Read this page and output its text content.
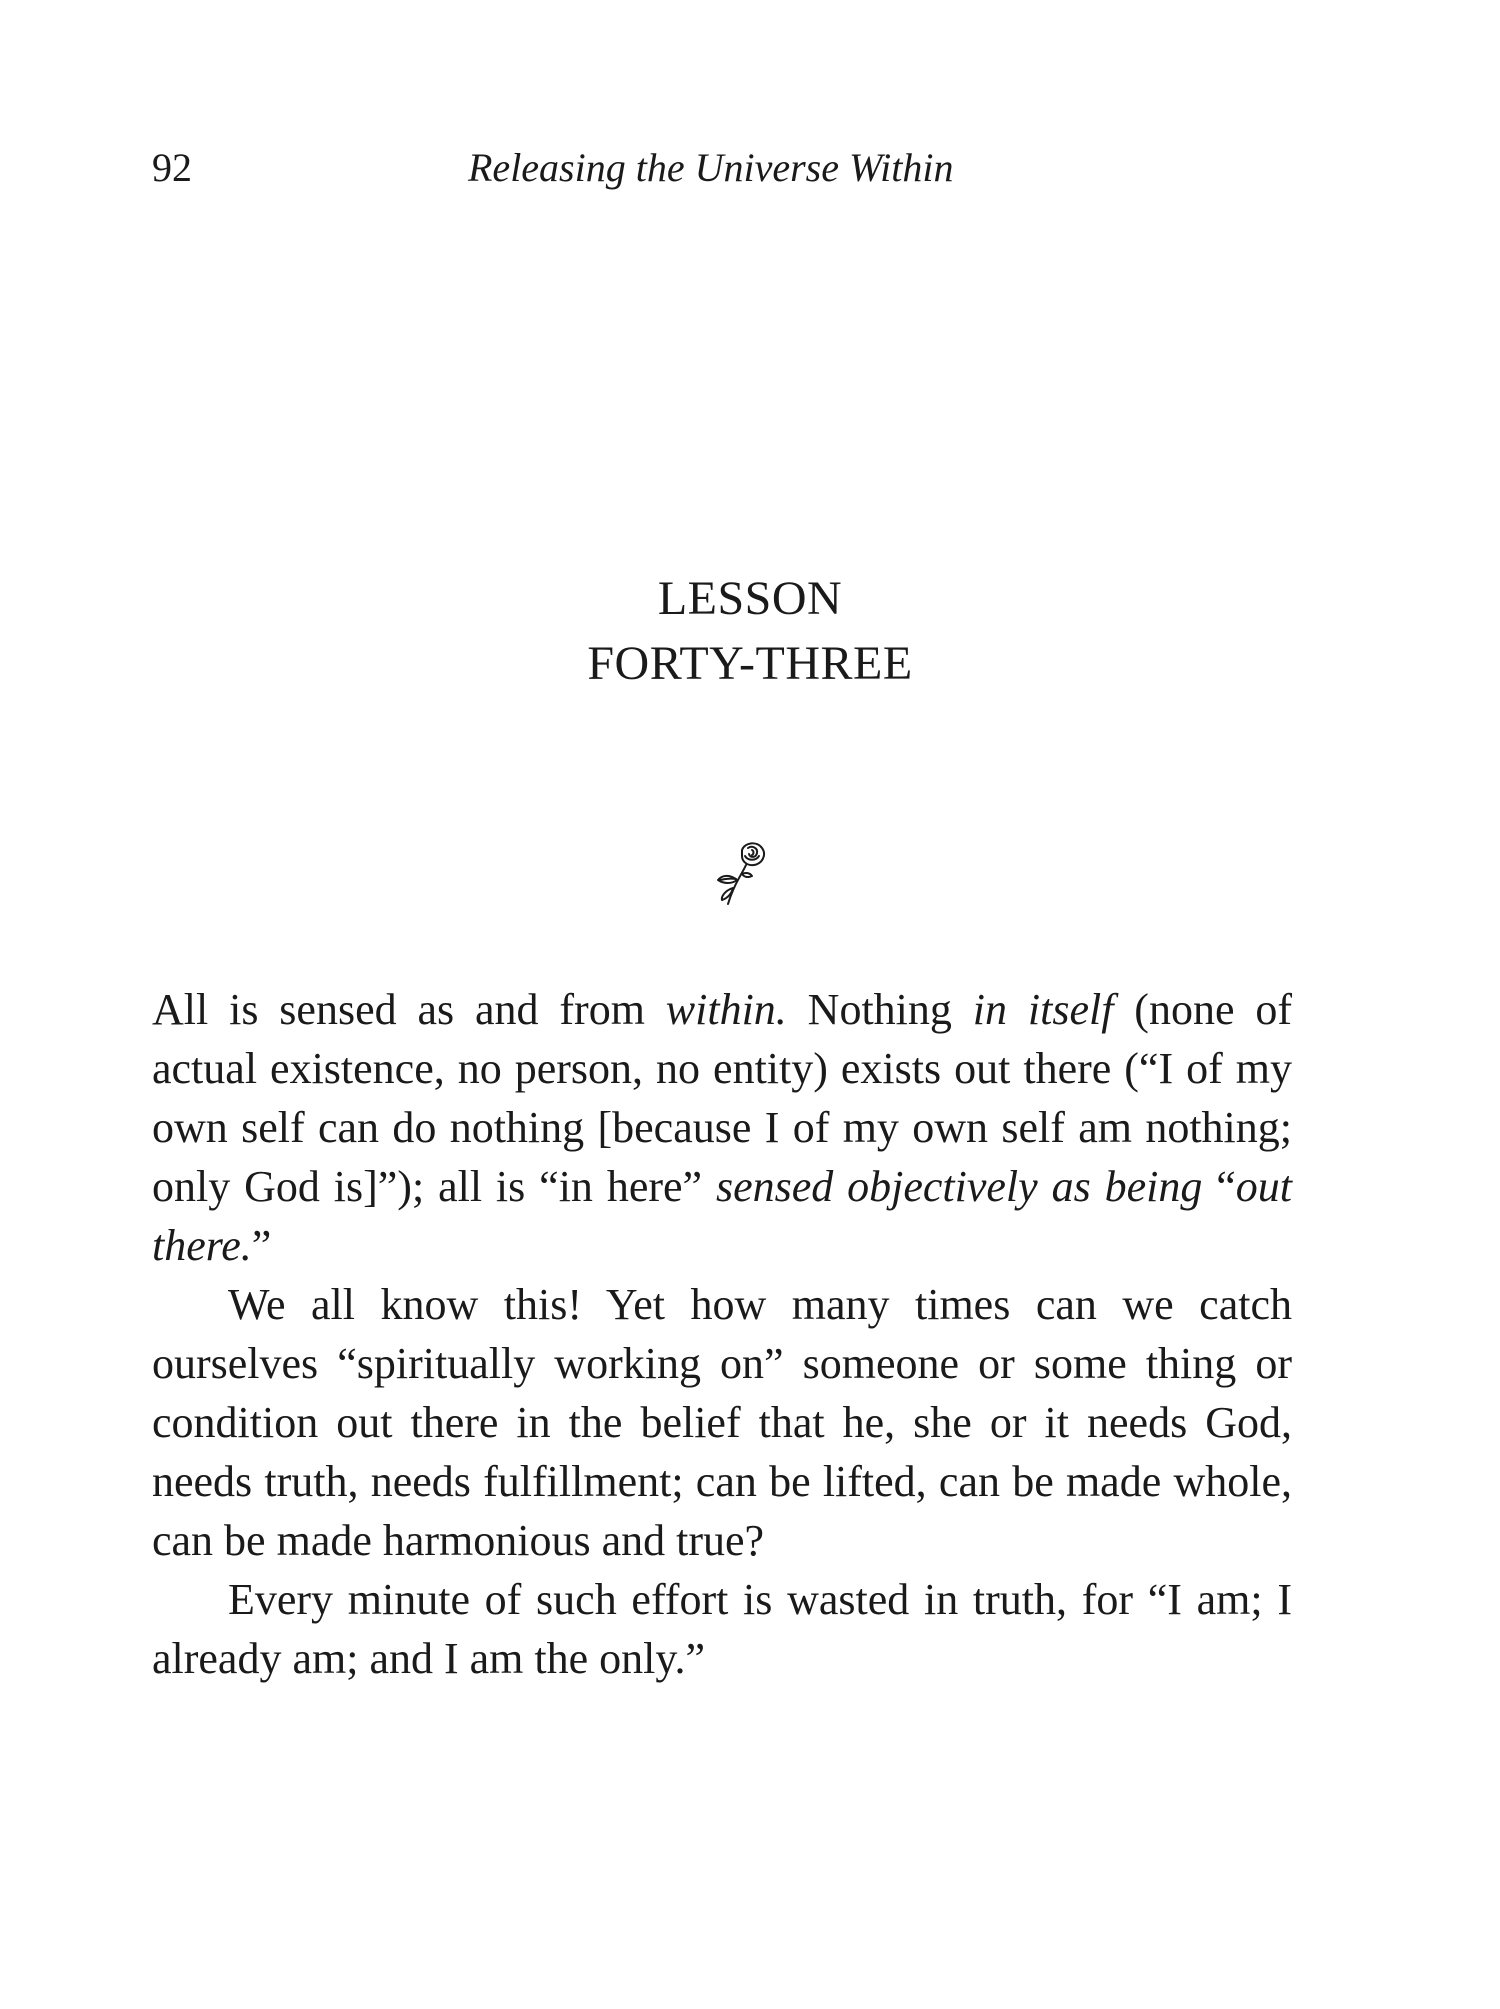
92	Releasing the Universe Within
LESSON
FORTY-THREE

All is sensed as and from within. Nothing in itself (none of actual existence, no person, no entity) exists out there (“I of my own self can do nothing [because I of my own self am nothing; only God is]”); all is “in here” sensed objectively as being “out there.”

We all know this! Yet how many times can we catch ourselves “spiritually working on” someone or some thing or condition out there in the belief that he, she or it needs God, needs truth, needs fulfillment; can be lifted, can be made whole, can be made harmonious and true?

Every minute of such effort is wasted in truth, for “I am; I already am; and I am the only.”
